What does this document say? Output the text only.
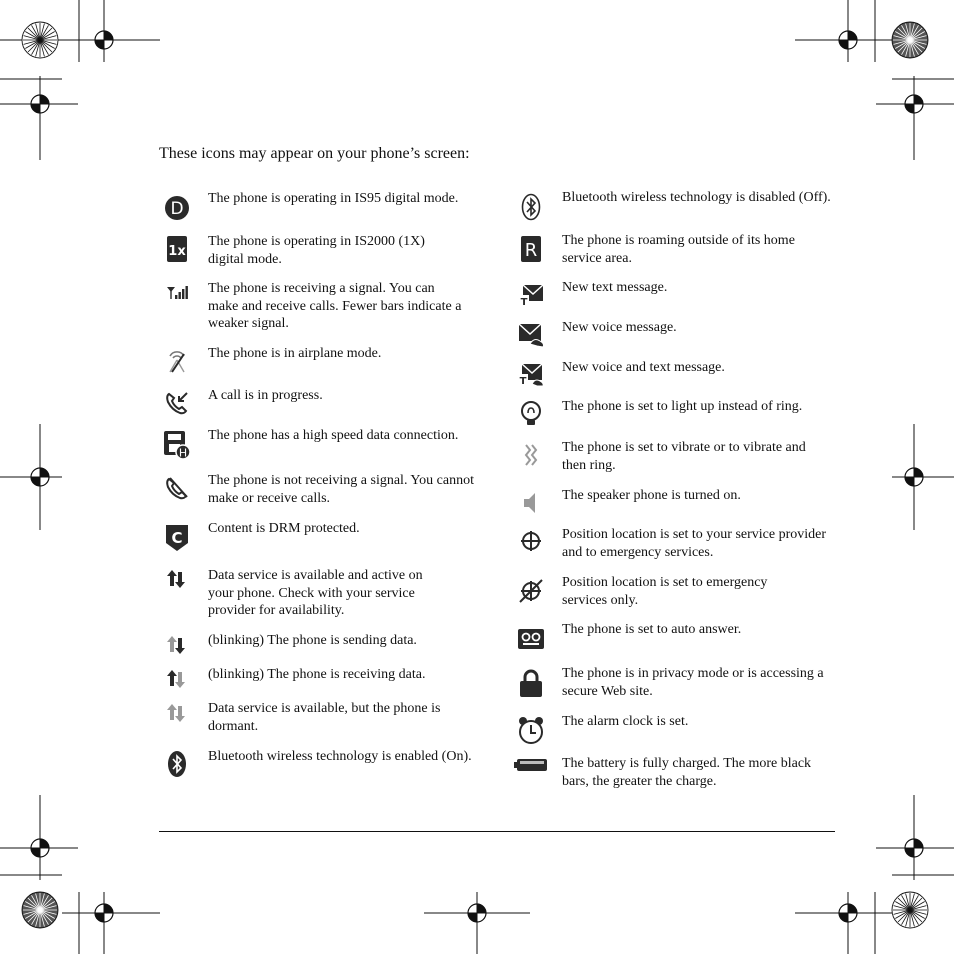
These icons may appear on your phone’s screen:
D
The phone is operating in IS95 digital mode.
1x
The phone is operating in IS2000 (1X) digital mode.
The phone is receiving a signal. You can make and receive calls. Fewer bars indicate a weaker signal.
The phone is in airplane mode.
A call is in progress.
H
The phone has a high speed data connection.
The phone is not receiving a signal. You cannot make or receive calls.
C
Content is DRM protected.
Data service is available and active on your phone. Check with your service provider for availability.
(blinking) The phone is sending data.
(blinking) The phone is receiving data.
Data service is available, but the phone is dormant.
Bluetooth wireless technology is enabled (On).
Bluetooth wireless technology is disabled (Off).
R The phone is roaming outside of its home service area.
T
New text message.
New voice message.
T
New voice and text message.
The phone is set to light up instead of ring.
The phone is set to vibrate or to vibrate and then ring.
The speaker phone is turned on.
Position location is set to your service provider and to emergency services.
Position location is set to emergency services only.
The phone is set to auto answer.
The phone is in privacy mode or is accessing a secure Web site.
The alarm clock is set.
The battery is fully charged. The more black bars, the greater the charge.
